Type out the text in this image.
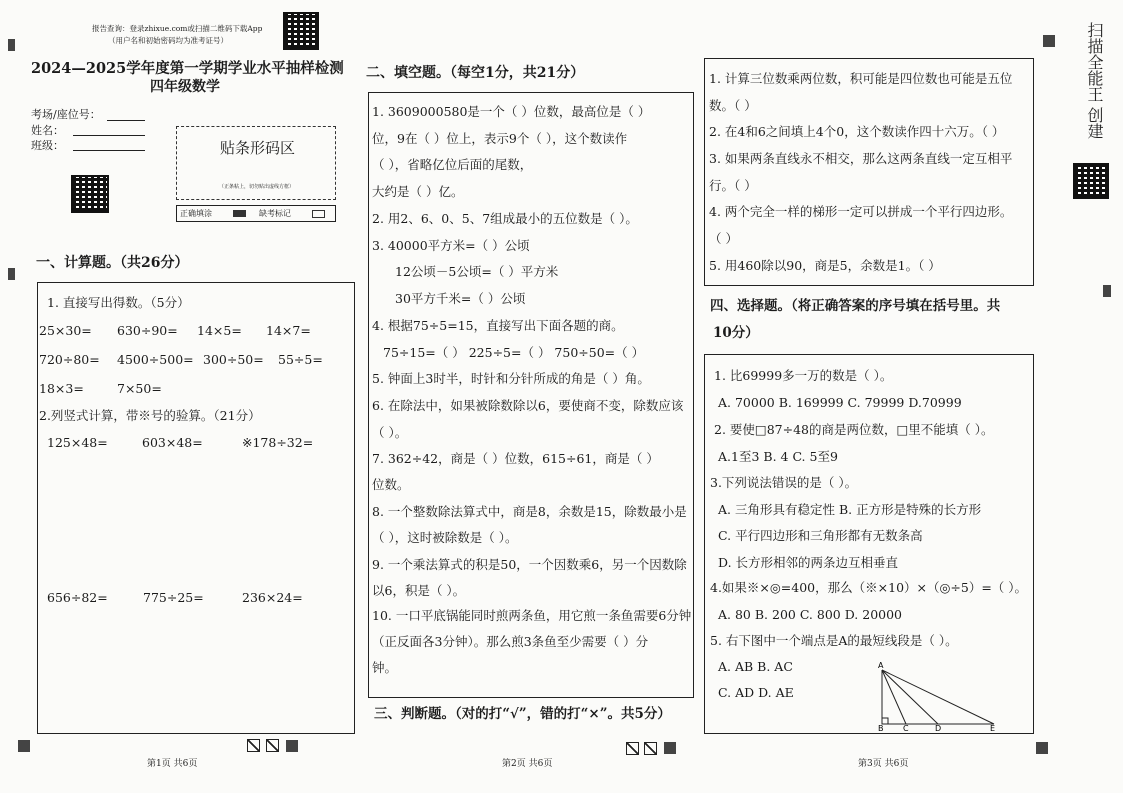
扫描全能王 创建
报告查询：登录zhixue.com或扫描二维码下载App
（用户名和初始密码均为准考证号）
2024—2025学年度第一学期学业水平抽样检测
四年级数学
考场/座位号：
姓名：
班级：	贴条形码区
（正条粘上，切勿贴出虚线方框）
正确填涂	缺考标记
一、计算题。（共26分）
1. 直接写出得数。（5分）
25×30= 630÷90= 14×5= 14×7=
720÷80= 4500÷500= 300÷50= 55÷5=
18×3=	7×50=
2.列竖式计算，带※号的验算。（21分）
125×48=	603×48=	※178÷32=
656÷82=	775÷25=	236×24=
第1页 共6页
二、填空题。（每空1分，共21分）
1. 3609000580是一个（ ）位数，最高位是（ ）
位，9在（ ）位上，表示9个（ ），这个数读作
（ ），省略亿位后面的尾数，
大约是（ ）亿。
2. 用2、6、0、5、7组成最小的五位数是（ ）。
3. 40000平方米=（ ）公顷
12公顷－5公顷=（ ）平方米
30平方千米=（ ）公顷
4. 根据75÷5=15，直接写出下面各题的商。
75÷15=（ ） 225÷5=（ ） 750÷50=（ ）
5. 钟面上3时半，时针和分针所成的角是（ ）角。
6. 在除法中，如果被除数除以6，要使商不变，除数应该
（ ）。
7. 362÷42，商是（ ）位数，615÷61，商是（ ）
位数。
8. 一个整数除法算式中，商是8，余数是15，除数最小是
（ ），这时被除数是（ ）。
9. 一个乘法算式的积是50，一个因数乘6，另一个因数除
以6，积是（ ）。
10. 一口平底锅能同时煎两条鱼，用它煎一条鱼需要6分钟
（正反面各3分钟）。那么煎3条鱼至少需要（ ）分
钟。
三、判断题。（对的打“√”，错的打“×”。共5分）
第2页 共6页
1. 计算三位数乘两位数，积可能是四位数也可能是五位
数。（ ）
2. 在4和6之间填上4个0，这个数读作四十六万。（ ）
3. 如果两条直线永不相交，那么这两条直线一定互相平
行。（ ）
4. 两个完全一样的梯形一定可以拼成一个平行四边形。
（ ）
5. 用460除以90，商是5，余数是1。（ ）
四、选择题。（将正确答案的序号填在括号里。共
10分）
1. 比69999多一万的数是（ ）。
A. 70000 B. 169999 C. 79999 D.70999
2. 要使□87÷48的商是两位数，□里不能填（ ）。
A.1至3 B. 4 C. 5至9
3.下列说法错误的是（ ）。
A. 三角形具有稳定性 B. 正方形是特殊的长方形
C. 平行四边形和三角形都有无数条高
D. 长方形相邻的两条边互相垂直
4.如果※×◎=400，那么（※×10）×（◎÷5）=（ ）。
A. 80 B. 200 C. 800 D. 20000
5. 右下图中一个端点是A的最短线段是（ ）。
A. AB B. AC
C. AD D. AE
A
B C	D	E
第3页 共6页
